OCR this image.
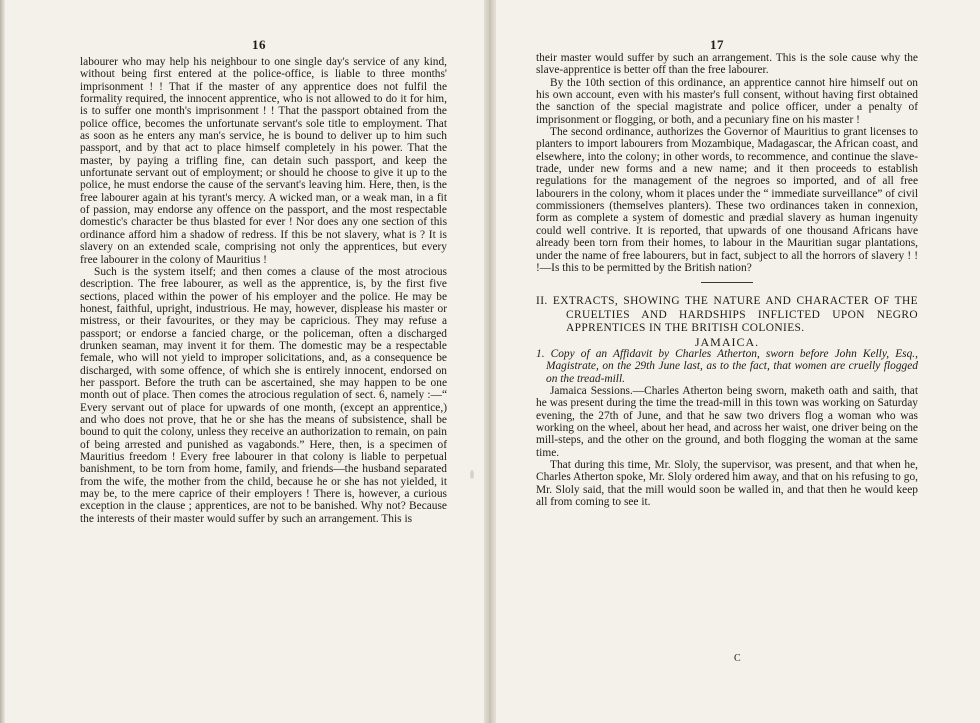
16

labourer who may help his neighbour to one single day's service of any kind, without being first entered at the police-office, is liable to three months' imprisonment ! ! That if the master of any apprentice does not fulfil the formality required, the innocent apprentice, who is not allowed to do it for him, is to suffer one month's imprisonment ! ! That the passport obtained from the police office, becomes the unfortunate servant's sole title to employment. That as soon as he enters any man's service, he is bound to deliver up to him such passport, and by that act to place himself completely in his power. That the master, by paying a trifling fine, can detain such passport, and keep the unfortunate servant out of employment; or should he choose to give it up to the police, he must endorse the cause of the servant's leaving him. Here, then, is the free labourer again at his tyrant's mercy. A wicked man, or a weak man, in a fit of passion, may endorse any offence on the passport, and the most respectable domestic's character be thus blasted for ever ! Nor does any one section of this ordinance afford him a shadow of redress. If this be not slavery, what is ? It is slavery on an extended scale, comprising not only the apprentices, but every free labourer in the colony of Mauritius !

Such is the system itself; and then comes a clause of the most atrocious description. The free labourer, as well as the apprentice, is, by the first five sections, placed within the power of his employer and the police. He may be honest, faithful, upright, industrious. He may, however, displease his master or mistress, or their favourites, or they may be capricious. They may refuse a passport; or endorse a fancied charge, or the policeman, often a discharged drunken seaman, may invent it for them. The domestic may be a respectable female, who will not yield to improper solicitations, and, as a consequence be discharged, with some offence, of which she is entirely innocent, endorsed on her passport. Before the truth can be ascertained, she may happen to be one month out of place. Then comes the atrocious regulation of sect. 6, namely :—“ Every servant out of place for upwards of one month, (except an apprentice,) and who does not prove, that he or she has the means of subsistence, shall be bound to quit the colony, unless they receive an authorization to remain, on pain of being arrested and punished as vagabonds.” Here, then, is a specimen of Mauritius freedom ! Every free labourer in that colony is liable to perpetual banishment, to be torn from home, family, and friends—the husband separated from the wife, the mother from the child, because he or she has not yielded, it may be, to the mere caprice of their employers ! There is, however, a curious exception in the clause ; apprentices, are not to be banished. Why not? Because the interests of their master would suffer by such an arrangement. This is

17

their master would suffer by such an arrangement. This is the sole cause why the slave-apprentice is better off than the free labourer.

By the 10th section of this ordinance, an apprentice cannot hire himself out on his own account, even with his master's full consent, without having first obtained the sanction of the special magistrate and police officer, under a penalty of imprisonment or flogging, or both, and a pecuniary fine on his master !

The second ordinance, authorizes the Governor of Mauritius to grant licenses to planters to import labourers from Mozambique, Madagascar, the African coast, and elsewhere, into the colony; in other words, to recommence, and continue the slave-trade, under new forms and a new name; and it then proceeds to establish regulations for the management of the negroes so imported, and of all free labourers in the colony, whom it places under the “ immediate surveillance” of civil commissioners (themselves planters). These two ordinances taken in connexion, form as complete a system of domestic and prædial slavery as human ingenuity could well contrive. It is reported, that upwards of one thousand Africans have already been torn from their homes, to labour in the Mauritian sugar plantations, under the name of free labourers, but in fact, subject to all the horrors of slavery ! ! !—Is this to be permitted by the British nation?

II. EXTRACTS, SHOWING THE NATURE AND CHARACTER OF THE CRUELTIES AND HARDSHIPS INFLICTED UPON NEGRO APPRENTICES IN THE BRITISH COLONIES.

JAMAICA.

1. Copy of an Affidavit by Charles Atherton, sworn before John Kelly, Esq., Magistrate, on the 29th June last, as to the fact, that women are cruelly flogged on the tread-mill.

Jamaica Sessions.—Charles Atherton being sworn, maketh oath and saith, that he was present during the time the tread-mill in this town was working on Saturday evening, the 27th of June, and that he saw two drivers flog a woman who was working on the wheel, about her head, and across her waist, one driver being on the mill-steps, and the other on the ground, and both flogging the woman at the same time.

That during this time, Mr. Sloly, the supervisor, was present, and that when he, Charles Atherton spoke, Mr. Sloly ordered him away, and that on his refusing to go, Mr. Sloly said, that the mill would soon be walled in, and that then he would keep all from coming to see it.

C
